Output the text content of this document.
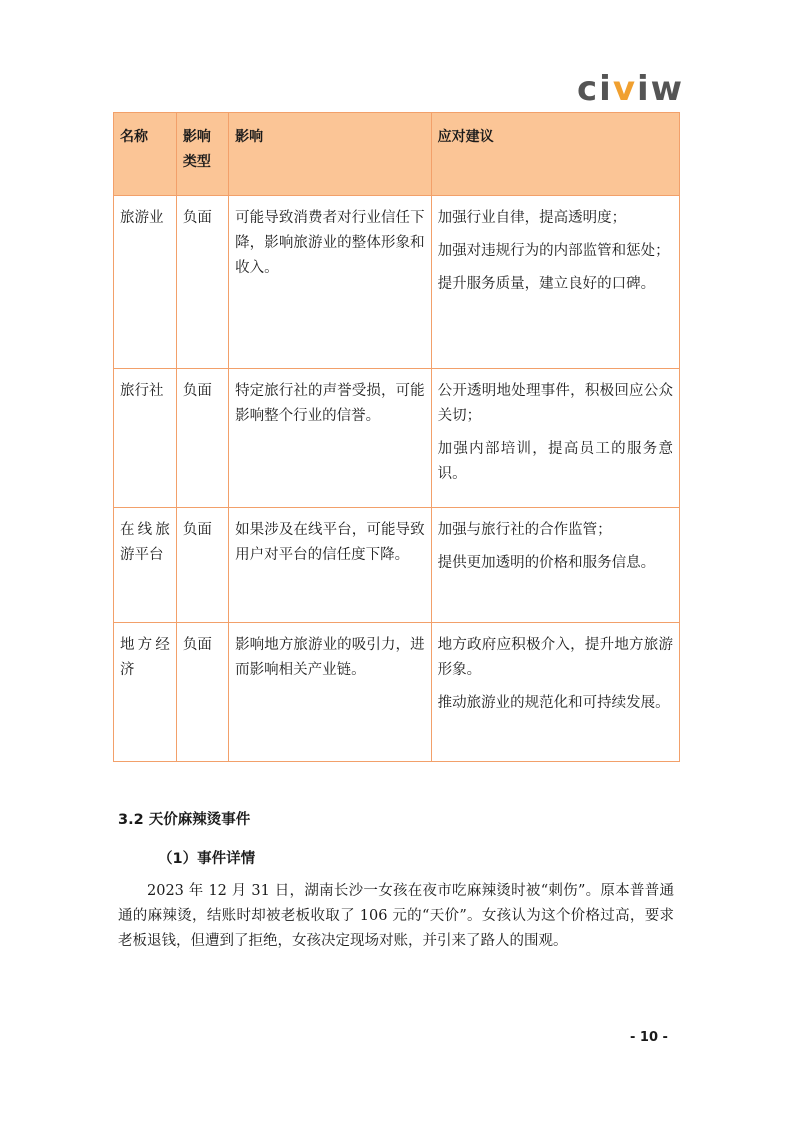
civiw
名称	影响类型	影响	应对建议
旅游业	负面	可能导致消费者对行业信任下降，影响旅游业的整体形象和收入。	加强行业自律，提高透明度；

加强对违规行为的内部监管和惩处；

提升服务质量，建立良好的口碑。

旅行社	负面	特定旅行社的声誉受损，可能影响整个行业的信誉。	公开透明地处理事件，积极回应公众关切；

加强内部培训，提高员工的服务意识。

在线旅游平台	负面	如果涉及在线平台，可能导致用户对平台的信任度下降。	加强与旅行社的合作监管；

提供更加透明的价格和服务信息。

地方经济	负面	影响地方旅游业的吸引力，进而影响相关产业链。	地方政府应积极介入，提升地方旅游形象。

推动旅游业的规范化和可持续发展。

3.2 天价麻辣烫事件
（1）事件详情

2023 年 12 月 31 日，湖南长沙一女孩在夜市吃麻辣烫时被“刺伤”。原本普普通通的麻辣烫，结账时却被老板收取了 106 元的“天价”。女孩认为这个价格过高，要求老板退钱，但遭到了拒绝，女孩决定现场对账，并引来了路人的围观。

- 10 -
